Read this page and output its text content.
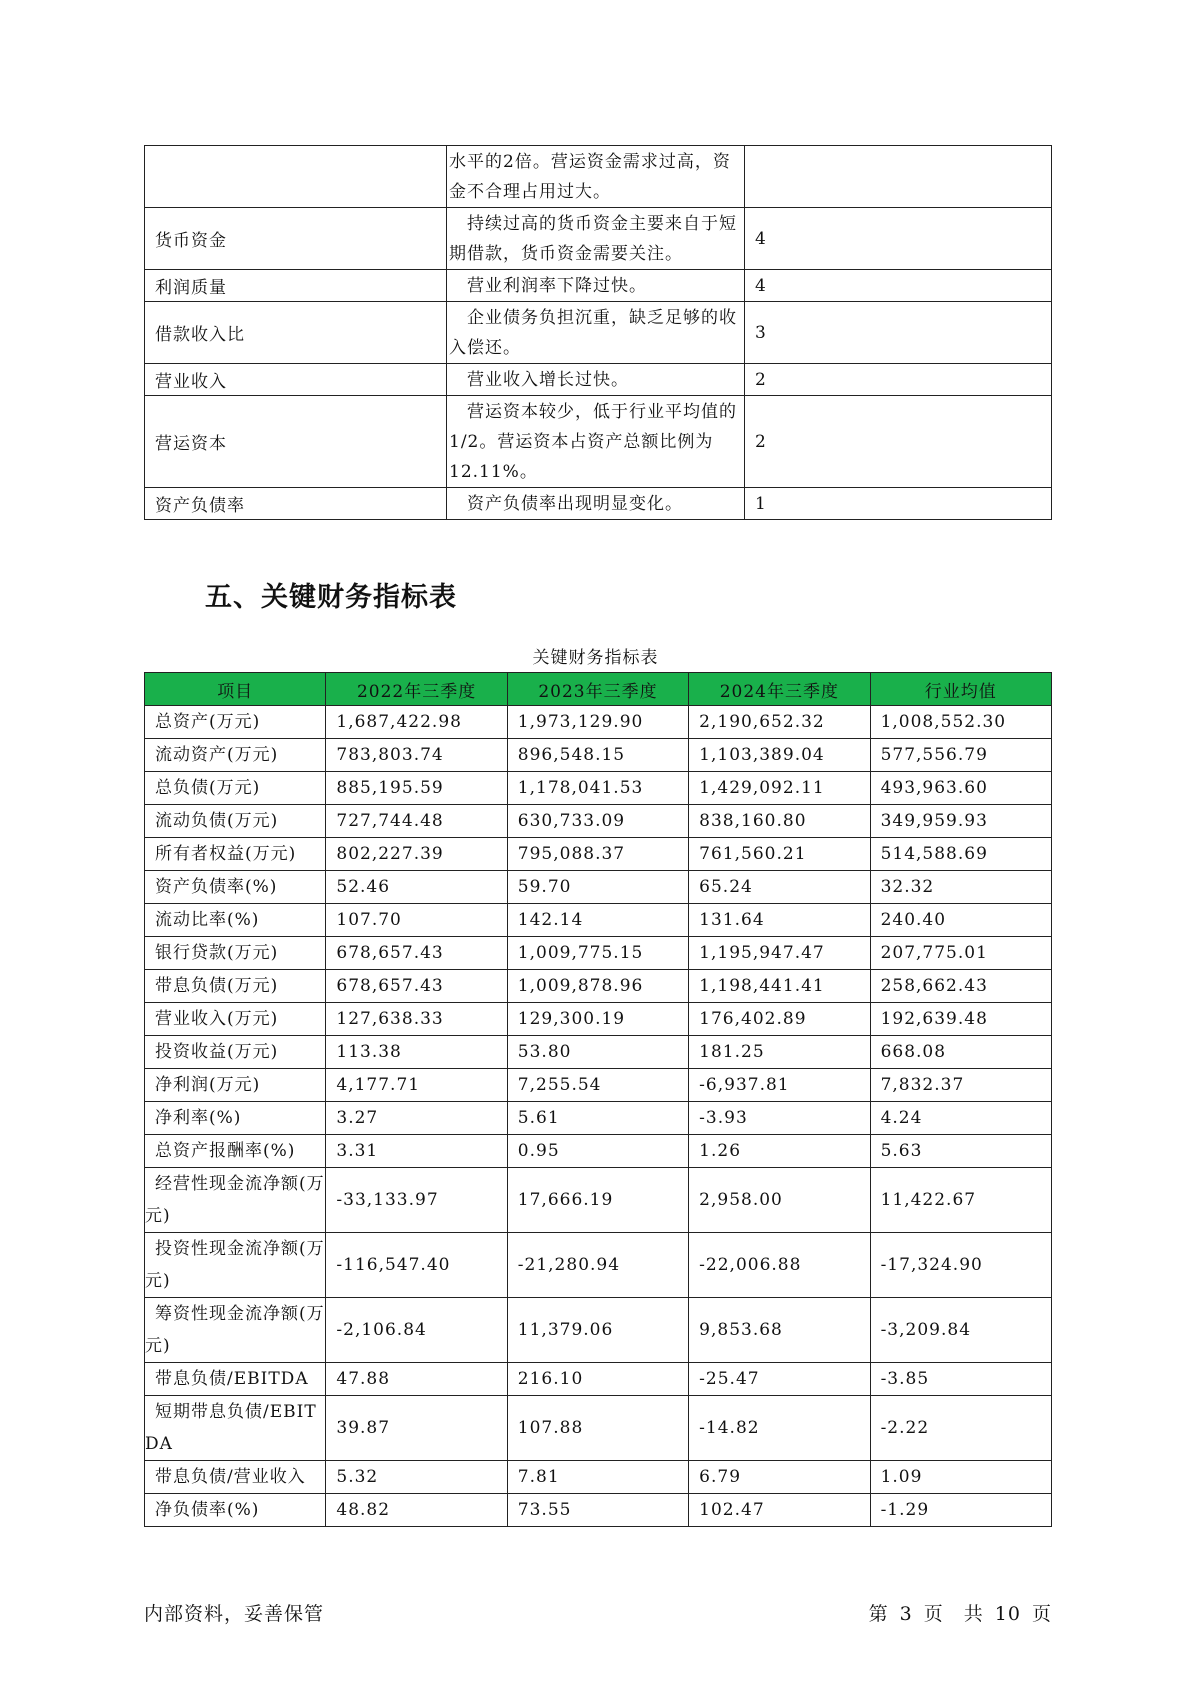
	水平的2倍。营运资金需求过高，资金不合理占用过大。	
货币资金	　持续过高的货币资金主要来自于短期借款，货币资金需要关注。	4
利润质量	　营业利润率下降过快。	4
借款收入比	　企业债务负担沉重，缺乏足够的收入偿还。	3
营业收入	　营业收入增长过快。	2
营运资本	　营运资本较少，低于行业平均值的1/2。营运资本占资产总额比例为12.11%。	2
资产负债率	　资产负债率出现明显变化。	1
五、关键财务指标表
关键财务指标表
项目	2022年三季度	2023年三季度	2024年三季度	行业均值
总资产(万元)	1,687,422.98	1,973,129.90	2,190,652.32	1,008,552.30
流动资产(万元)	783,803.74	896,548.15	1,103,389.04	577,556.79
总负债(万元)	885,195.59	1,178,041.53	1,429,092.11	493,963.60
流动负债(万元)	727,744.48	630,733.09	838,160.80	349,959.93
所有者权益(万元)	802,227.39	795,088.37	761,560.21	514,588.69
资产负债率(%)	52.46	59.70	65.24	32.32
流动比率(%)	107.70	142.14	131.64	240.40
银行贷款(万元)	678,657.43	1,009,775.15	1,195,947.47	207,775.01
带息负债(万元)	678,657.43	1,009,878.96	1,198,441.41	258,662.43
营业收入(万元)	127,638.33	129,300.19	176,402.89	192,639.48
投资收益(万元)	113.38	53.80	181.25	668.08
净利润(万元)	4,177.71	7,255.54	-6,937.81	7,832.37
净利率(%)	3.27	5.61	-3.93	4.24
总资产报酬率(%)	3.31	0.95	1.26	5.63
经营性现金流净额(万元)	-33,133.97	17,666.19	2,958.00	11,422.67
投资性现金流净额(万元)	-116,547.40	-21,280.94	-22,006.88	-17,324.90
筹资性现金流净额(万元)	-2,106.84	11,379.06	9,853.68	-3,209.84
带息负债/EBITDA	47.88	216.10	-25.47	-3.85
短期带息负债/EBITDA	39.87	107.88	-14.82	-2.22
带息负债/营业收入	5.32	7.81	6.79	1.09
净负债率(%)	48.82	73.55	102.47	-1.29
内部资料，妥善保管	第 3 页　共 10 页
